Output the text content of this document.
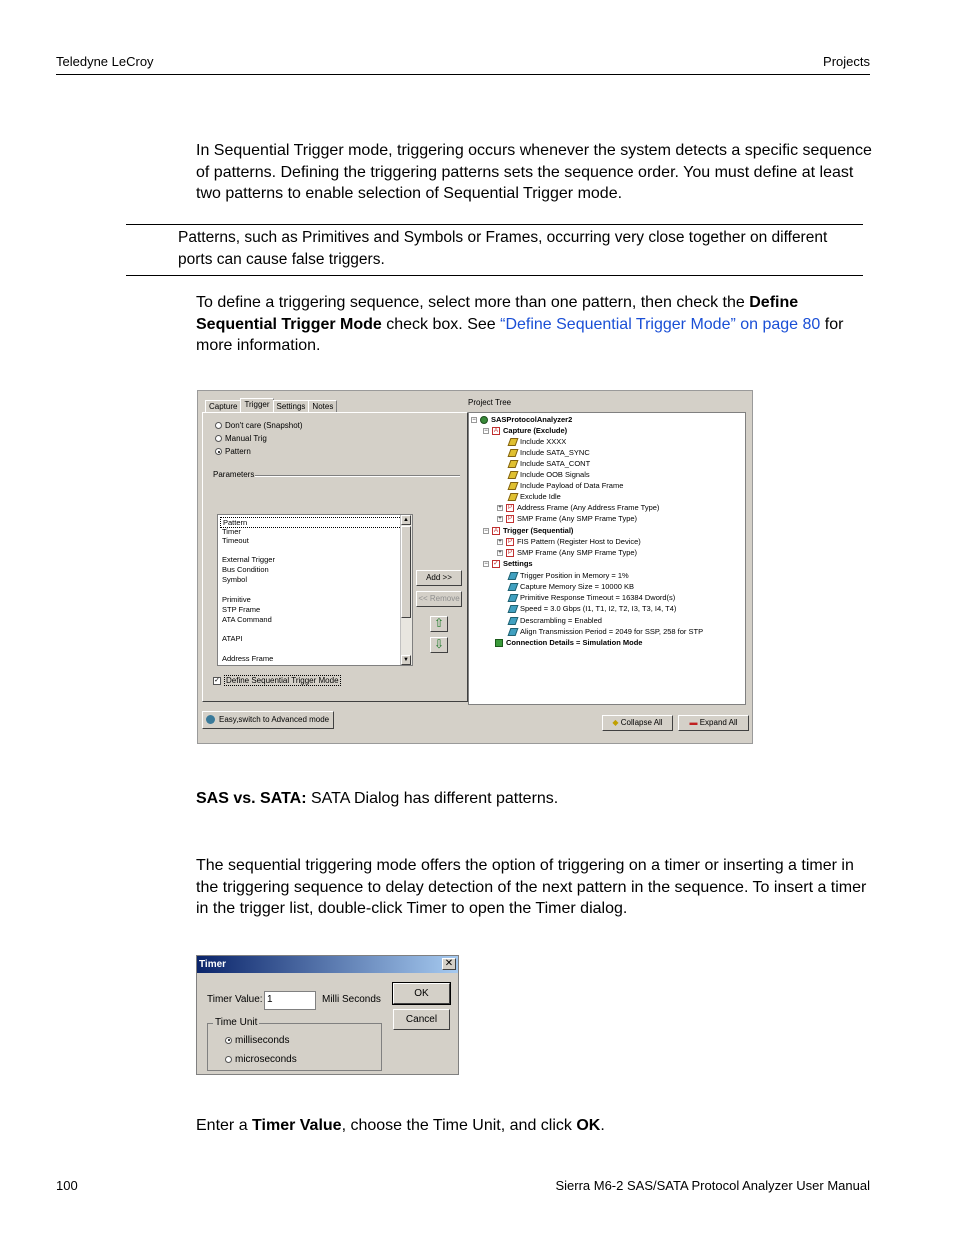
Teledyne LeCroy	Projects
In Sequential Trigger mode, triggering occurs whenever the system detects a specific sequence of patterns. Defining the triggering patterns sets the sequence order. You must define at least two patterns to enable selection of Sequential Trigger mode.
Patterns, such as Primitives and Symbols or Frames, occurring very close together on different ports can cause false triggers.
To define a triggering sequence, select more than one pattern, then check the Define Sequential Trigger Mode check box. See “Define Sequential Trigger Mode” on page 80 for more information.
Capture Trigger Settings Notes
Don't care (Snapshot)
Manual Trig
Pattern
Parameters
Pattern
Timer
Timeout
External Trigger
Bus Condition
Symbol
Primitive
STP Frame
ATA Command
ATAPI
Address Frame
▲
▼
Add >>
<< Remove
⇧
⇩
✓ Define Sequential Trigger Mode
Project Tree
− SASProtocolAnalyzer2
− A Capture (Exclude)
Include XXXX
Include SATA_SYNC
Include SATA_CONT
Include OOB Signals
Include Payload of Data Frame
Exclude Idle
+ P Address Frame (Any Address Frame Type)
+ P SMP Frame (Any SMP Frame Type)
− A Trigger (Sequential)
+ P FIS Pattern (Register Host to Device)
+ P SMP Frame (Any SMP Frame Type)
− ✓ Settings
Trigger Position in Memory = 1%
Capture Memory Size = 10000 KB
Primitive Response Timeout = 16384 Dword(s)
Speed = 3.0 Gbps (I1, T1, I2, T2, I3, T3, I4, T4)
Descrambling = Enabled
Align Transmission Period = 2049 for SSP, 258 for STP
Connection Details = Simulation Mode
Easy,switch to Advanced mode	◆ Collapse All	▬ Expand All
SAS vs. SATA: SATA Dialog has different patterns.
The sequential triggering mode offers the option of triggering on a timer or inserting a timer in the triggering sequence to delay detection of the next pattern in the sequence. To insert a timer in the trigger list, double-click Timer to open the Timer dialog.
Timer	✕
Timer Value: 1	Milli Seconds
OK
Cancel
Time Unit
milliseconds
microseconds
Enter a Timer Value, choose the Time Unit, and click OK.
100	Sierra M6-2 SAS/SATA Protocol Analyzer User Manual
